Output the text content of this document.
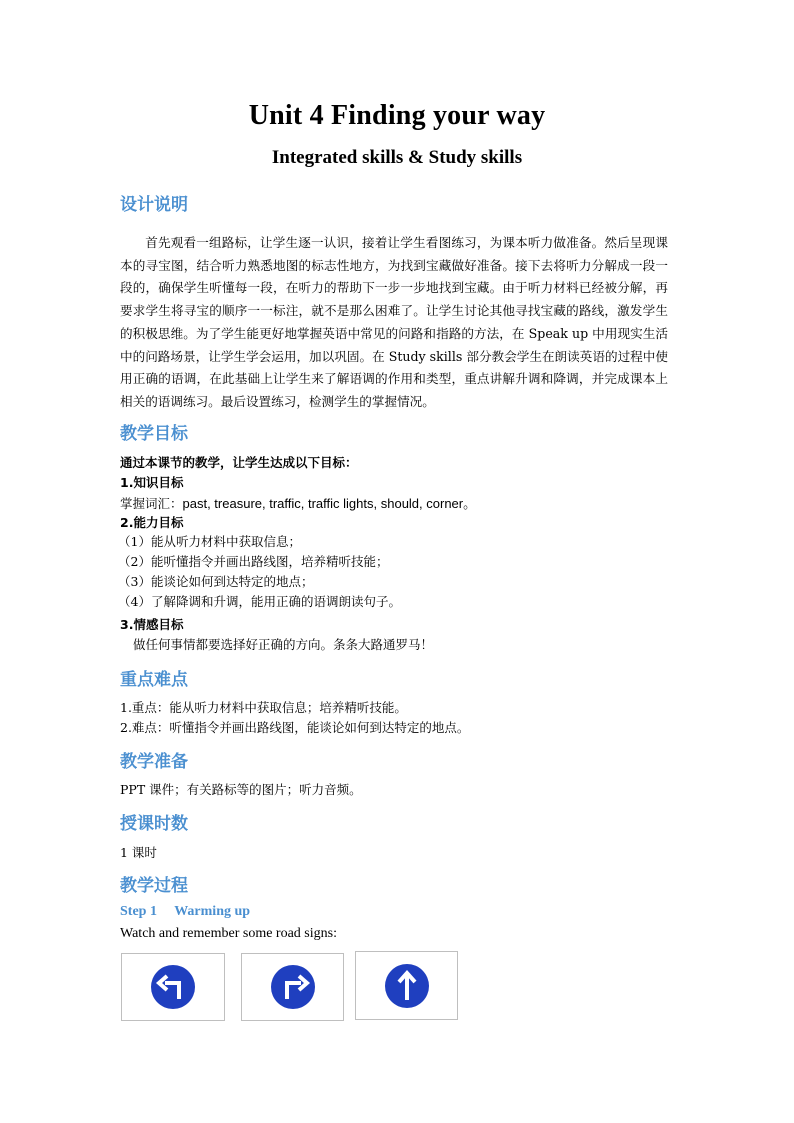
Unit 4 Finding your way
Integrated skills & Study skills
设计说明
首先观看一组路标，让学生逐一认识，接着让学生看图练习，为课本听力做准备。然后呈现课本的寻宝图，结合听力熟悉地图的标志性地方，为找到宝藏做好准备。接下去将听力分解成一段一段的，确保学生听懂每一段，在听力的帮助下一步一步地找到宝藏。由于听力材料已经被分解，再要求学生将寻宝的顺序一一标注，就不是那么困难了。让学生讨论其他寻找宝藏的路线，激发学生的积极思维。为了学生能更好地掌握英语中常见的问路和指路的方法，在 Speak up 中用现实生活中的问路场景，让学生学会运用，加以巩固。在 Study skills 部分教会学生在朗读英语的过程中使用正确的语调，在此基础上让学生来了解语调的作用和类型，重点讲解升调和降调，并完成课本上相关的语调练习。最后设置练习，检测学生的掌握情况。
教学目标
通过本课节的教学，让学生达成以下目标：
1.知识目标
掌握词汇：past, treasure, traffic, traffic lights, should, corner。
2.能力目标
（1）能从听力材料中获取信息；
（2）能听懂指令并画出路线图，培养精听技能；
（3）能谈论如何到达特定的地点；
（4）了解降调和升调，能用正确的语调朗读句子。
3.情感目标
做任何事情都要选择好正确的方向。条条大路通罗马！
重点难点
1.重点：能从听力材料中获取信息；培养精听技能。
2.难点：听懂指令并画出路线图，能谈论如何到达特定的地点。
教学准备
PPT 课件；有关路标等的图片；听力音频。
授课时数
1 课时
教学过程
Step 1     Warming up
Watch and remember some road signs:
